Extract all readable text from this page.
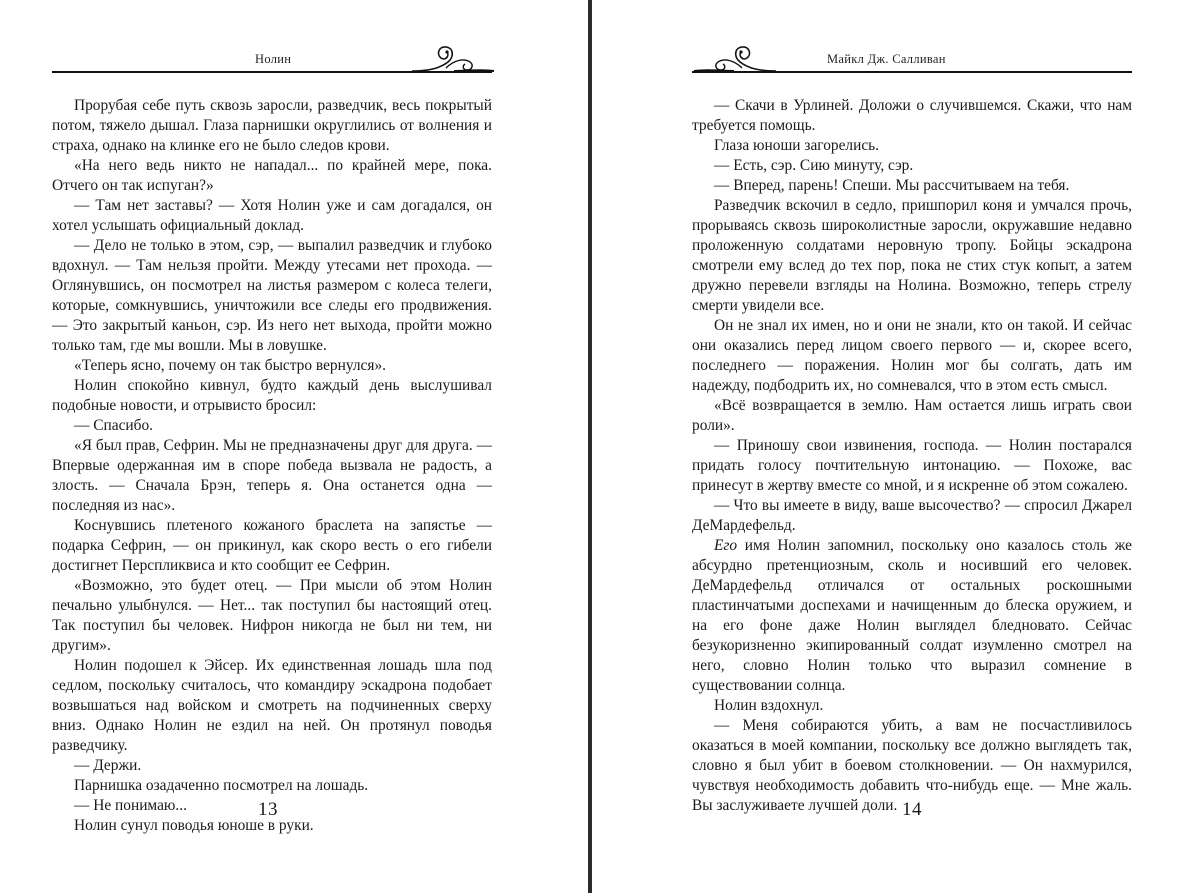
Нолин

Прорубая себе путь сквозь заросли, разведчик, весь покрытый потом, тяжело дышал. Глаза парнишки округлились от волнения и страха, однако на клинке его не было следов крови.

«На него ведь никто не нападал... по крайней мере, пока. Отчего он так испуган?»

— Там нет заставы? — Хотя Нолин уже и сам догадался, он хотел услышать официальный доклад.

— Дело не только в этом, сэр, — выпалил разведчик и глубоко вдохнул. — Там нельзя пройти. Между утесами нет прохода. — Оглянувшись, он посмотрел на листья размером с колеса телеги, которые, сомкнувшись, уничтожили все следы его продвижения. — Это закрытый каньон, сэр. Из него нет выхода, пройти можно только там, где мы вошли. Мы в ловушке.

«Теперь ясно, почему он так быстро вернулся».

Нолин спокойно кивнул, будто каждый день выслушивал подобные новости, и отрывисто бросил:

— Спасибо.

«Я был прав, Сефрин. Мы не предназначены друг для друга. — Впервые одержанная им в споре победа вызвала не радость, а злость. — Сначала Брэн, теперь я. Она останется одна — последняя из нас».

Коснувшись плетеного кожаного браслета на запястье — подарка Сефрин, — он прикинул, как скоро весть о его гибели достигнет Перспликвиса и кто сообщит ее Сефрин.

«Возможно, это будет отец. — При мысли об этом Нолин печально улыбнулся. — Нет... так поступил бы настоящий отец. Так поступил бы человек. Нифрон никогда не был ни тем, ни другим».

Нолин подошел к Эйсер. Их единственная лошадь шла под седлом, поскольку считалось, что командиру эскадрона подобает возвышаться над войском и смотреть на подчиненных сверху вниз. Однако Нолин не ездил на ней. Он протянул поводья разведчику.

— Держи.

Парнишка озадаченно посмотрел на лошадь.

— Не понимаю...

Нолин сунул поводья юноше в руки.

13
Майкл Дж. Салливан

— Скачи в Урлиней. Доложи о случившемся. Скажи, что нам требуется помощь.

Глаза юноши загорелись.

— Есть, сэр. Сию минуту, сэр.

— Вперед, парень! Спеши. Мы рассчитываем на тебя.

Разведчик вскочил в седло, пришпорил коня и умчался прочь, прорываясь сквозь широколистные заросли, окружавшие недавно проложенную солдатами неровную тропу. Бойцы эскадрона смотрели ему вслед до тех пор, пока не стих стук копыт, а затем дружно перевели взгляды на Нолина. Возможно, теперь стрелу смерти увидели все.

Он не знал их имен, но и они не знали, кто он такой. И сейчас они оказались перед лицом своего первого — и, скорее всего, последнего — поражения. Нолин мог бы солгать, дать им надежду, подбодрить их, но сомневался, что в этом есть смысл.

«Всё возвращается в землю. Нам остается лишь играть свои роли».

— Приношу свои извинения, господа. — Нолин постарался придать голосу почтительную интонацию. — Похоже, вас принесут в жертву вместе со мной, и я искренне об этом сожалею.

— Что вы имеете в виду, ваше высочество? — спросил Джарел ДеМардефельд.

Его имя Нолин запомнил, поскольку оно казалось столь же абсурдно претенциозным, сколь и носивший его человек. ДеМардефельд отличался от остальных роскошными пластинчатыми доспехами и начищенным до блеска оружием, и на его фоне даже Нолин выглядел бледновато. Сейчас безукоризненно экипированный солдат изумленно смотрел на него, словно Нолин только что выразил сомнение в существовании солнца.

Нолин вздохнул.

— Меня собираются убить, а вам не посчастливилось оказаться в моей компании, поскольку все должно выглядеть так, словно я был убит в боевом столкновении. — Он нахмурился, чувствуя необходимость добавить что-нибудь еще. — Мне жаль. Вы заслуживаете лучшей доли. 14
